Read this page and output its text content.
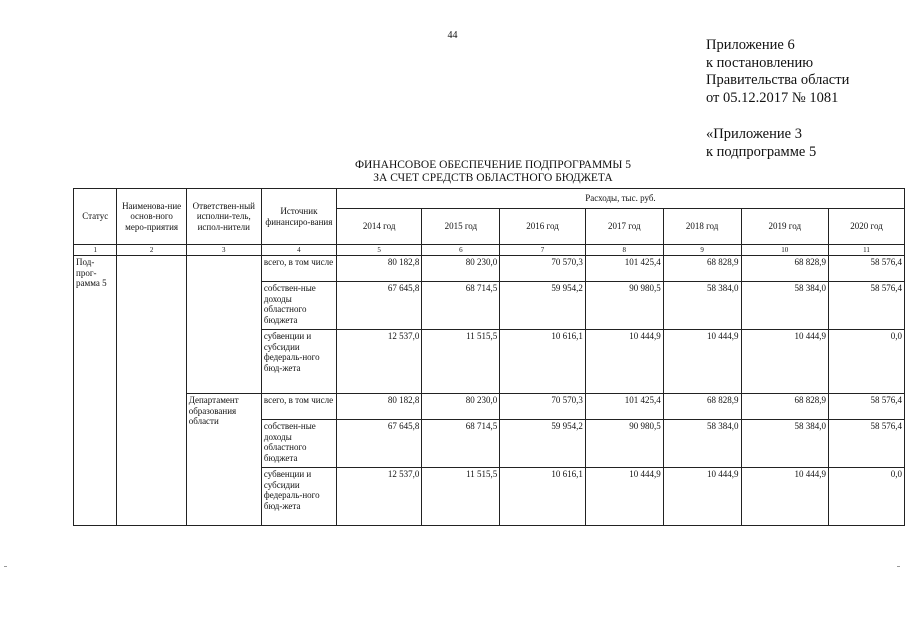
44
Приложение 6
к постановлению
Правительства области
от 05.12.2017 № 1081
«Приложение 3
к подпрограмме 5
ФИНАНСОВОЕ ОБЕСПЕЧЕНИЕ ПОДПРОГРАММЫ 5
ЗА СЧЕТ СРЕДСТВ ОБЛАСТНОГО БЮДЖЕТА
Статус	Наименова-ние основ-ного меро-приятия	Ответствен-ный исполни-тель, испол-нители	Источник финансиро-вания	Расходы, тыс. руб.						
				2014 год	2015 год	2016 год	2017 год	2018 год	2019 год	2020 год
1	2	3	4	5	6	7	8	9	10	11
Под-прог-рамма 5			всего, в том числе	80 182,8	80 230,0	70 570,3	101 425,4	68 828,9	68 828,9	58 576,4
			собствен-ные доходы областного бюджета	67 645,8	68 714,5	59 954,2	90 980,5	58 384,0	58 384,0	58 576,4
			субвенции и субсидии федераль-ного бюд-жета	12 537,0	11 515,5	10 616,1	10 444,9	10 444,9	10 444,9	0,0
		Департамент образования области	всего, в том числе	80 182,8	80 230,0	70 570,3	101 425,4	68 828,9	68 828,9	58 576,4
			собствен-ные доходы областного бюджета	67 645,8	68 714,5	59 954,2	90 980,5	58 384,0	58 384,0	58 576,4
			субвенции и субсидии федераль-ного бюд-жета	12 537,0	11 515,5	10 616,1	10 444,9	10 444,9	10 444,9	0,0
